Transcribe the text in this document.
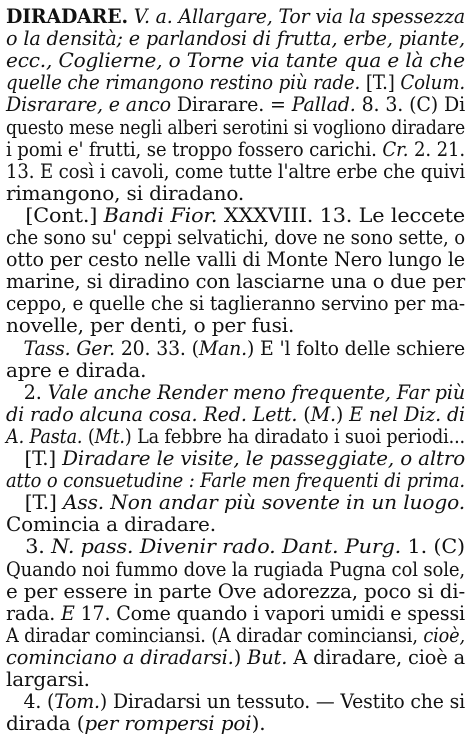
DIRADARE. V. a. Allargare, Tor via la spessezza
o la densità; e parlandosi di frutta, erbe, piante,
ecc., Coglierne, o Torne via tante qua e là che
quelle che rimangono restino più rade. [T.] Colum.
Disrarare, e anco Dirarare. = Pallad. 8. 3. (C) Di
questo mese negli alberi serotini si vogliono diradare
i pomi e' frutti, se troppo fossero carichi. Cr. 2. 21.
13. E così i cavoli, come tutte l'altre erbe che quivi
rimangono, si diradano.
[Cont.] Bandi Fior. XXXVIII. 13. Le leccete
che sono su' ceppi selvatichi, dove ne sono sette, o
otto per cesto nelle valli di Monte Nero lungo le
marine, si diradino con lasciarne una o due per
ceppo, e quelle che si taglieranno servino per ma-
novelle, per denti, o per fusi.
Tass. Ger. 20. 33. (Man.) E 'l folto delle schiere
apre e dirada.
2. Vale anche Render meno frequente, Far più
di rado alcuna cosa. Red. Lett. (M.) E nel Diz. di
A. Pasta. (Mt.) La febbre ha diradato i suoi periodi...
[T.] Diradare le visite, le passeggiate, o altro
atto o consuetudine : Farle men frequenti di prima.
[T.] Ass. Non andar più sovente in un luogo.
Comincia a diradare.
3. N. pass. Divenir rado. Dant. Purg. 1. (C)
Quando noi fummo dove la rugiada Pugna col sole,
e per essere in parte Ove adorezza, poco si di-
rada. E 17. Come quando i vapori umidi e spessi
A diradar cominciansi. (A diradar cominciansi, cioè,
cominciano a diradarsi.) But. A diradare, cioè a
largarsi.
4. (Tom.) Diradarsi un tessuto. — Vestito che si
dirada (per rompersi poi).
